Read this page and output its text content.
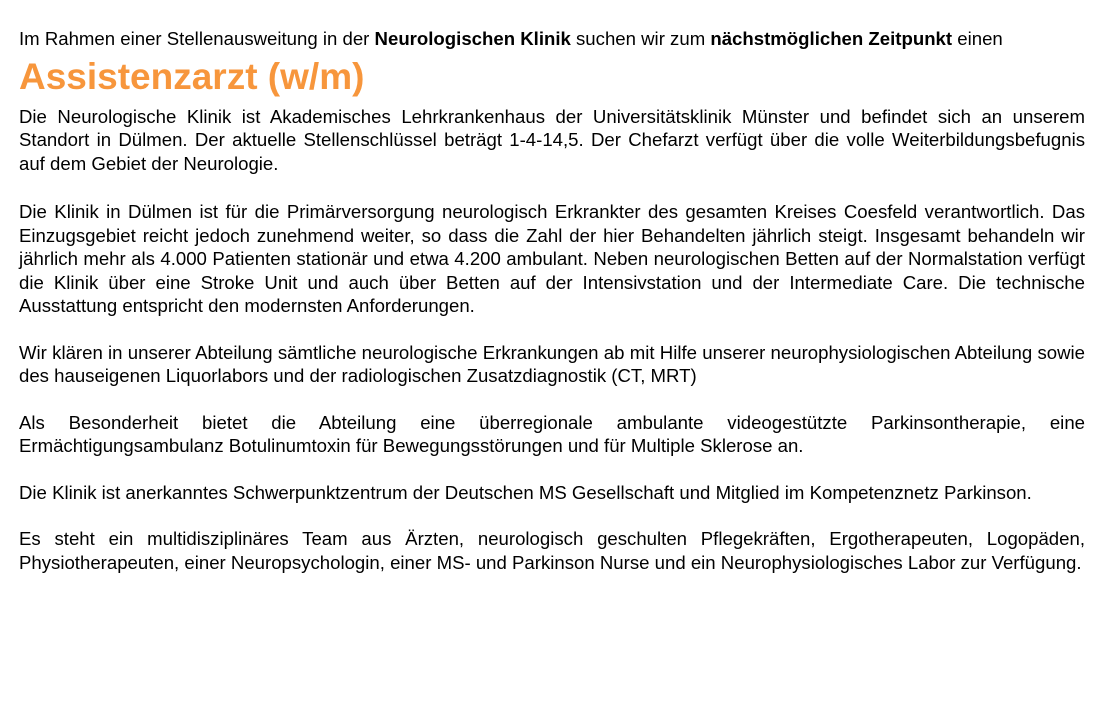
Im Rahmen einer Stellenausweitung in der Neurologischen Klinik suchen wir zum nächstmöglichen Zeitpunkt einen

Assistenzarzt (w/m)

Die Neurologische Klinik ist Akademisches Lehrkrankenhaus der Universitätsklinik Münster und befindet sich an unserem Standort in Dülmen. Der aktuelle Stellenschlüssel beträgt 1-4-14,5. Der Chefarzt verfügt über die volle Weiterbildungsbefugnis auf dem Gebiet der Neurologie.

Die Klinik in Dülmen ist für die Primärversorgung neurologisch Erkrankter des gesamten Kreises Coesfeld verantwortlich. Das Einzugsgebiet reicht jedoch zunehmend weiter, so dass die Zahl der hier Behandelten jährlich steigt. Insgesamt behandeln wir jährlich mehr als 4.000 Patienten stationär und etwa 4.200 ambulant. Neben neurologischen Betten auf der Normalstation verfügt die Klinik über eine Stroke Unit und auch über Betten auf der Intensivstation und der Intermediate Care. Die technische Ausstattung entspricht den modernsten Anforderungen.

Wir klären in unserer Abteilung sämtliche neurologische Erkrankungen ab mit Hilfe unserer neurophysiologischen Abteilung sowie des hauseigenen Liquorlabors und der radiologischen Zusatzdiagnostik (CT, MRT)

Als Besonderheit bietet die Abteilung eine überregionale ambulante videogestützte Parkinsontherapie, eine Ermächtigungsambulanz Botulinumtoxin für Bewegungsstörungen und für Multiple Sklerose an.

Die Klinik ist anerkanntes Schwerpunktzentrum der Deutschen MS Gesellschaft und Mitglied im Kompetenznetz Parkinson.

Es steht ein multidisziplinäres Team aus Ärzten, neurologisch geschulten Pflegekräften, Ergotherapeuten, Logopäden, Physiotherapeuten, einer Neuropsychologin, einer MS- und Parkinson Nurse und ein Neurophysiologisches Labor zur Verfügung.
